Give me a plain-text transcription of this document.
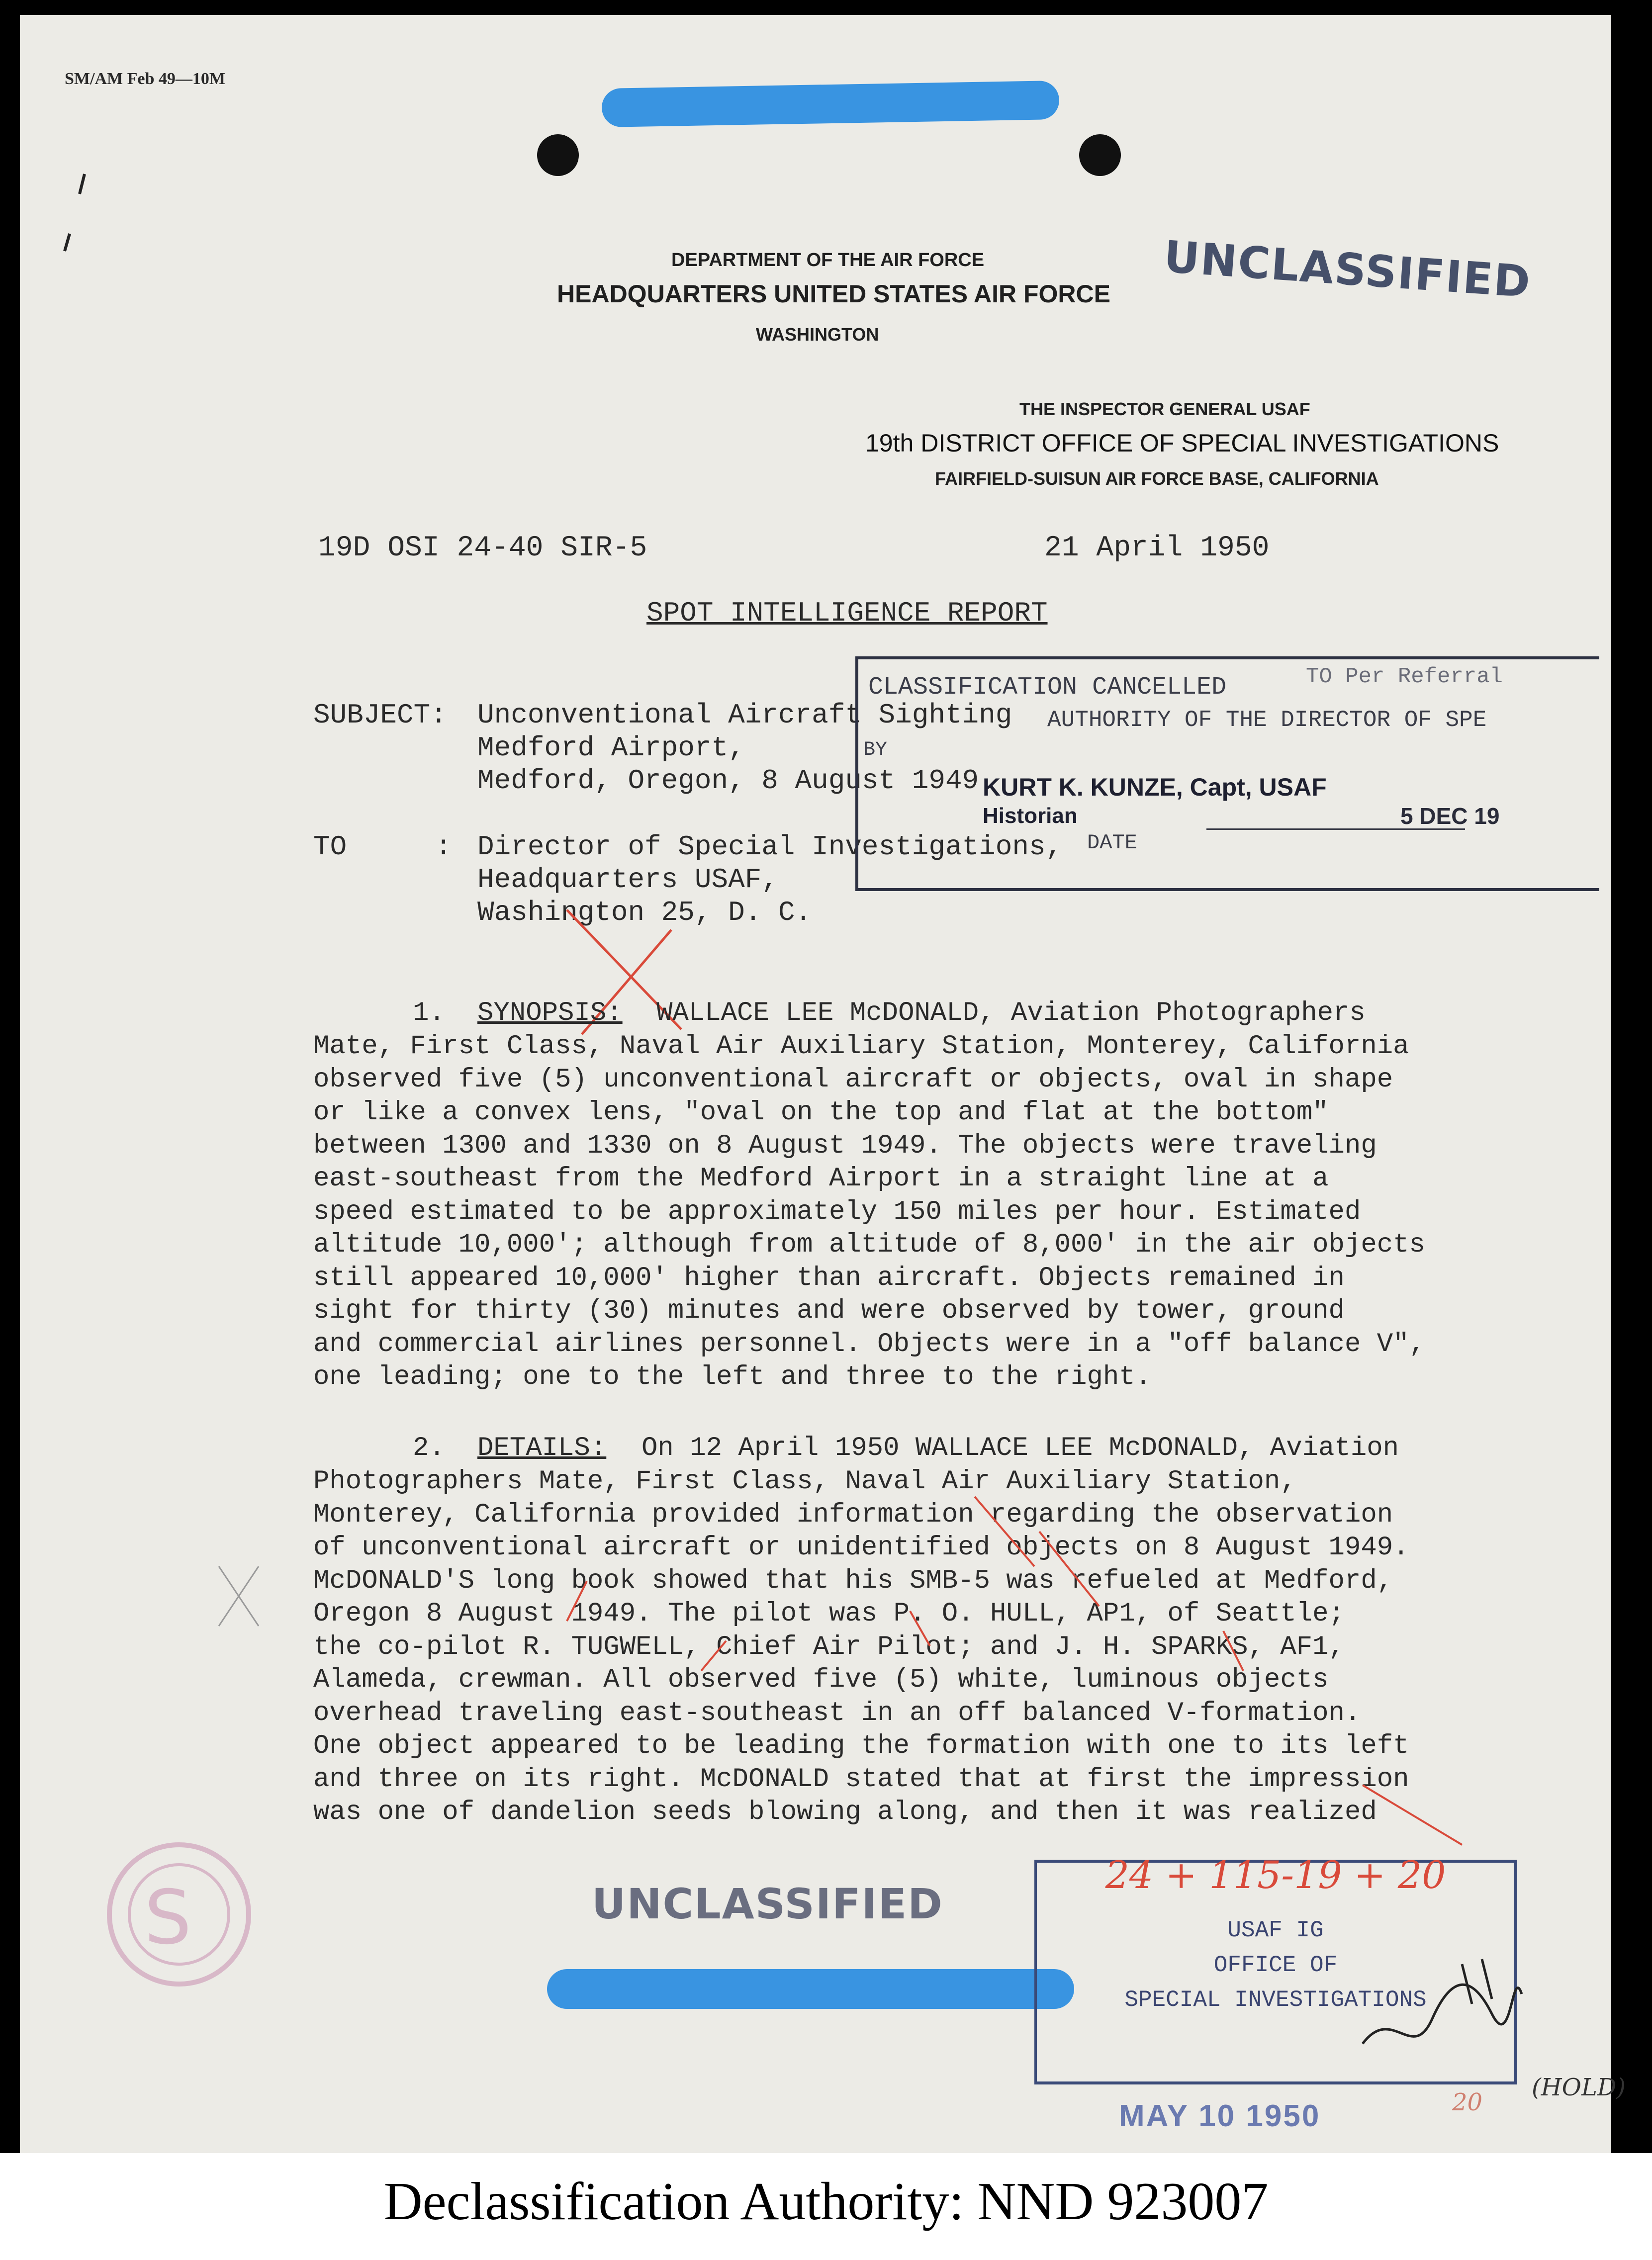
SM/AM Feb 49—10M
DEPARTMENT OF THE AIR FORCE
HEADQUARTERS UNITED STATES AIR FORCE
WASHINGTON
UNCLASSIFIED
THE INSPECTOR GENERAL USAF
19th DISTRICT OFFICE OF SPECIAL INVESTIGATIONS
FAIRFIELD-SUISUN AIR FORCE BASE, CALIFORNIA
19D OSI 24-40 SIR-5	21 April 1950
SPOT INTELLIGENCE REPORT
SUBJECT: Unconventional Aircraft Sighting
Medford Airport,
Medford, Oregon, 8 August 1949
TO	: Director of Special Investigations,
Headquarters USAF,
Washington 25, D. C.
CLASSIFICATION CANCELLED	TO Per Referral
AUTHORITY OF THE DIRECTOR OF SPE
BY
KURT K. KUNZE, Capt, USAF
Historian
DATE
5 DEC 19
1. SYNOPSIS: WALLACE LEE McDONALD, Aviation Photographers
Mate, First Class, Naval Air Auxiliary Station, Monterey, California
observed five (5) unconventional aircraft or objects, oval in shape
or like a convex lens, "oval on the top and flat at the bottom"
between 1300 and 1330 on 8 August 1949. The objects were traveling
east-southeast from the Medford Airport in a straight line at a
speed estimated to be approximately 150 miles per hour. Estimated
altitude 10,000'; although from altitude of 8,000' in the air objects
still appeared 10,000' higher than aircraft. Objects remained in
sight for thirty (30) minutes and were observed by tower, ground
and commercial airlines personnel. Objects were in a "off balance V",
one leading; one to the left and three to the right.
2. DETAILS: On 12 April 1950 WALLACE LEE McDONALD, Aviation
Photographers Mate, First Class, Naval Air Auxiliary Station,
Monterey, California provided information regarding the observation
of unconventional aircraft or unidentified objects on 8 August 1949.
McDONALD'S long book showed that his SMB-5 was refueled at Medford,
Oregon 8 August 1949. The pilot was P. O. HULL, AP1, of Seattle;
the co-pilot R. TUGWELL, Chief Air Pilot; and J. H. SPARKS, AF1,
Alameda, crewman. All observed five (5) white, luminous objects
overhead traveling east-southeast in an off balanced V-formation.
One object appeared to be leading the formation with one to its left
and three on its right. McDONALD stated that at first the impression
was one of dandelion seeds blowing along, and then it was realized
S	UNCLASSIFIED
24 + 115-19 + 20
USAF IG
OFFICE OF
SPECIAL INVESTIGATIONS
MAY 10 1950	20
(HOLD)
Declassification Authority: NND 923007
